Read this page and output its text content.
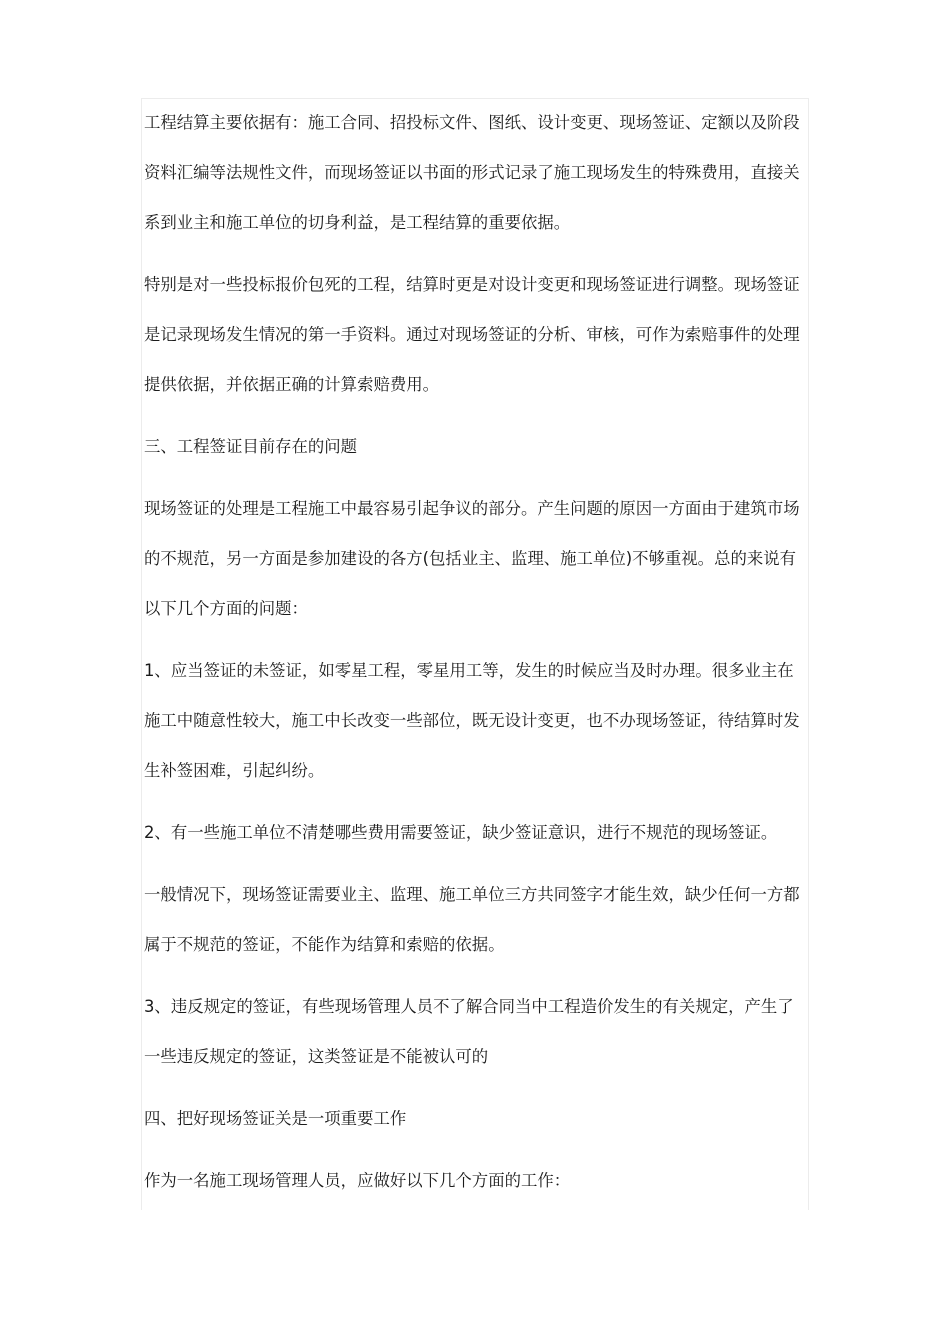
工程结算主要依据有：施工合同、招投标文件、图纸、设计变更、现场签证、定额以及阶段
资料汇编等法规性文件，而现场签证以书面的形式记录了施工现场发生的特殊费用，直接关
系到业主和施工单位的切身利益，是工程结算的重要依据。

特别是对一些投标报价包死的工程，结算时更是对设计变更和现场签证进行调整。现场签证
是记录现场发生情况的第一手资料。通过对现场签证的分析、审核，可作为索赔事件的处理
提供依据，并依据正确的计算索赔费用。

三、工程签证目前存在的问题

现场签证的处理是工程施工中最容易引起争议的部分。产生问题的原因一方面由于建筑市场
的不规范，另一方面是参加建设的各方(包括业主、监理、施工单位)不够重视。总的来说有
以下几个方面的问题：

1、应当签证的未签证，如零星工程，零星用工等，发生的时候应当及时办理。很多业主在
施工中随意性较大，施工中长改变一些部位，既无设计变更，也不办现场签证，待结算时发
生补签困难，引起纠纷。

2、有一些施工单位不清楚哪些费用需要签证，缺少签证意识，进行不规范的现场签证。

一般情况下，现场签证需要业主、监理、施工单位三方共同签字才能生效，缺少任何一方都
属于不规范的签证，不能作为结算和索赔的依据。

3、违反规定的签证，有些现场管理人员不了解合同当中工程造价发生的有关规定，产生了
一些违反规定的签证，这类签证是不能被认可的

四、把好现场签证关是一项重要工作

作为一名施工现场管理人员，应做好以下几个方面的工作：
